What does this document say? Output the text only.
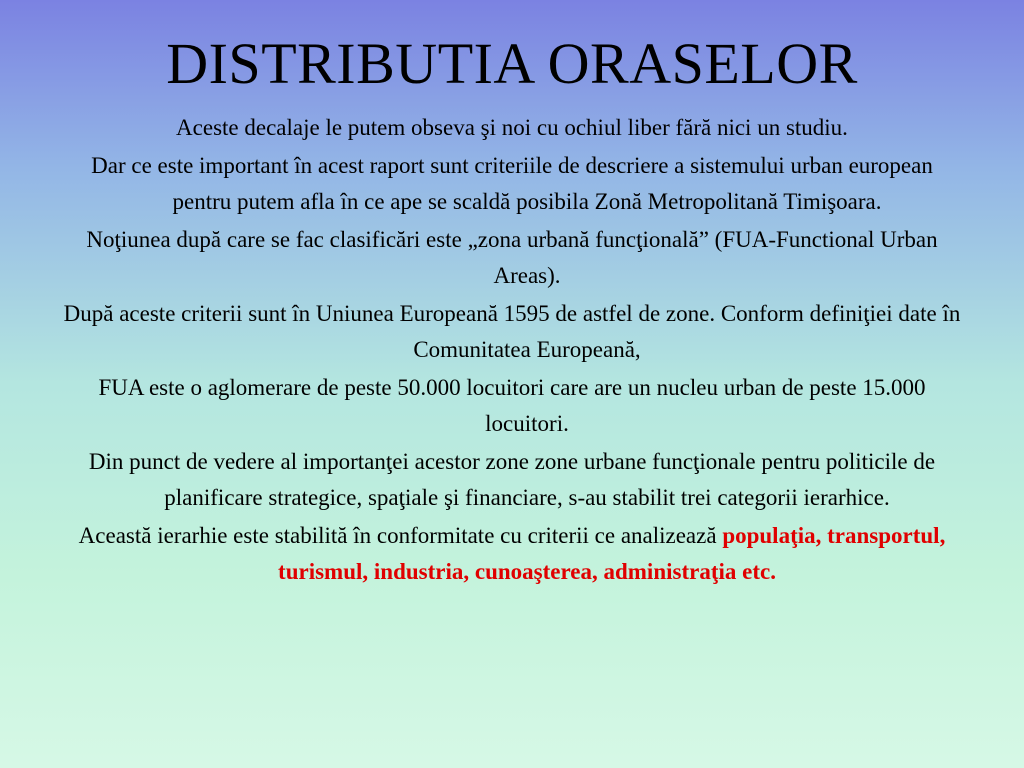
DISTRIBUTIA ORASELOR

Aceste decalaje le putem obseva şi noi cu ochiul liber fără nici un studiu.

Dar ce este important în acest raport sunt criteriile de descriere a sistemului urban european pentru putem afla în ce ape se scaldă posibila Zonă Metropolitană Timişoara.

Noţiunea după care se fac clasificări este „zona urbană funcţională” (FUA-Functional Urban Areas).

După aceste criterii sunt în Uniunea Europeană 1595 de astfel de zone. Conform definiţiei date în Comunitatea Europeană,

FUA este o aglomerare de peste 50.000 locuitori care are un nucleu urban de peste 15.000 locuitori.

Din punct de vedere al importanţei acestor zone zone urbane funcţionale pentru politicile de planificare strategice, spaţiale şi financiare, s-au stabilit trei categorii ierarhice.

Această ierarhie este stabilită în conformitate cu criterii ce analizează populaţia, transportul, turismul, industria, cunoaşterea, administraţia etc.
